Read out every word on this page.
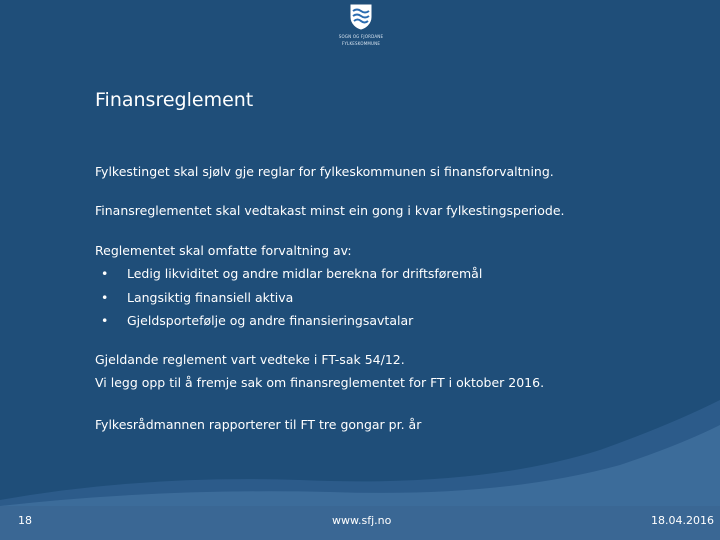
SOGN OG FJORDANE
FYLKESKOMMUNE
Finansreglement
Fylkestinget skal sjølv gje reglar for fylkeskommunen si finansforvaltning.
Finansreglementet skal vedtakast minst ein gong i kvar fylkestingsperiode.
Reglementet skal omfatte forvaltning av:
• Ledig likviditet og andre midlar berekna for driftsføremål
• Langsiktig finansiell aktiva
• Gjeldsportefølje og andre finansieringsavtalar
Gjeldande reglement vart vedteke i FT-sak 54/12.
Vi legg opp til å fremje sak om finansreglementet for FT i oktober 2016.
Fylkesrådmannen rapporterer til FT tre gongar pr. år
18	www.sfj.no	18.04.2016
